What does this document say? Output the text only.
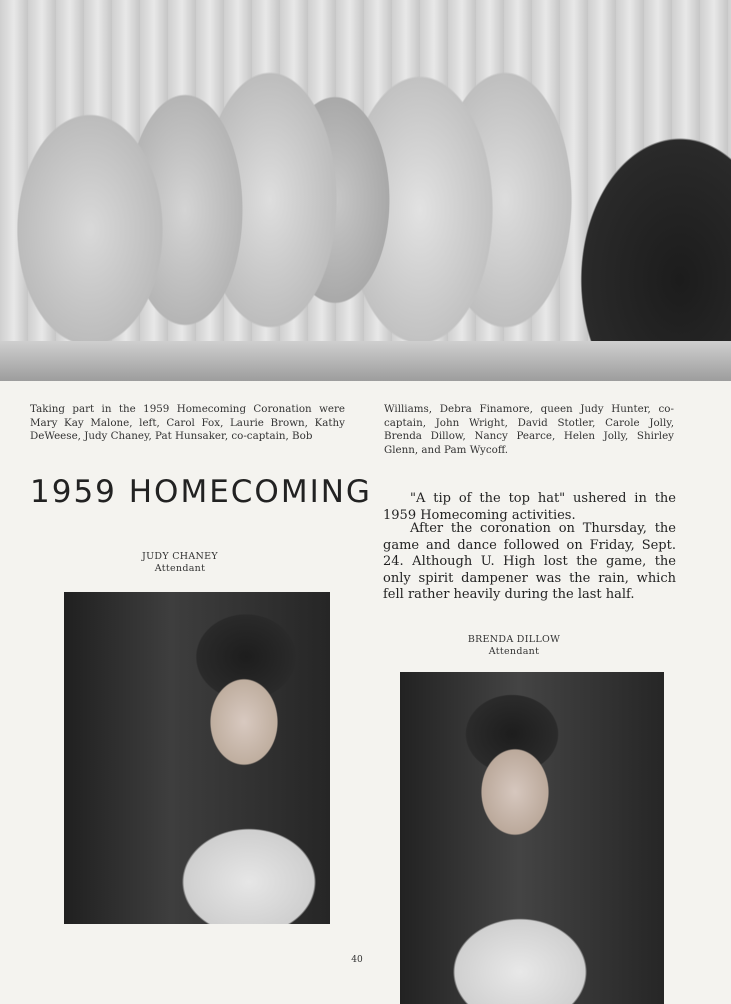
Taking part in the 1959 Homecoming Coronation were Mary Kay Malone, left, Carol Fox, Laurie Brown, Kathy DeWeese, Judy Chaney, Pat Hunsaker, co-captain, Bob
Williams, Debra Finamore, queen Judy Hunter, co-captain, John Wright, David Stotler, Carole Jolly, Brenda Dillow, Nancy Pearce, Helen Jolly, Shirley Glenn, and Pam Wycoff.
1959 HOMECOMING	"A tip of the top hat" ushered in the 1959 Homecoming activities.
After the coronation on Thursday, the game and dance followed on Friday, Sept. 24. Although U. High lost the game, the only spirit dampener was the rain, which fell rather heavily during the last half.
JUDY CHANEY
Attendant
BRENDA DILLOW
Attendant
40
